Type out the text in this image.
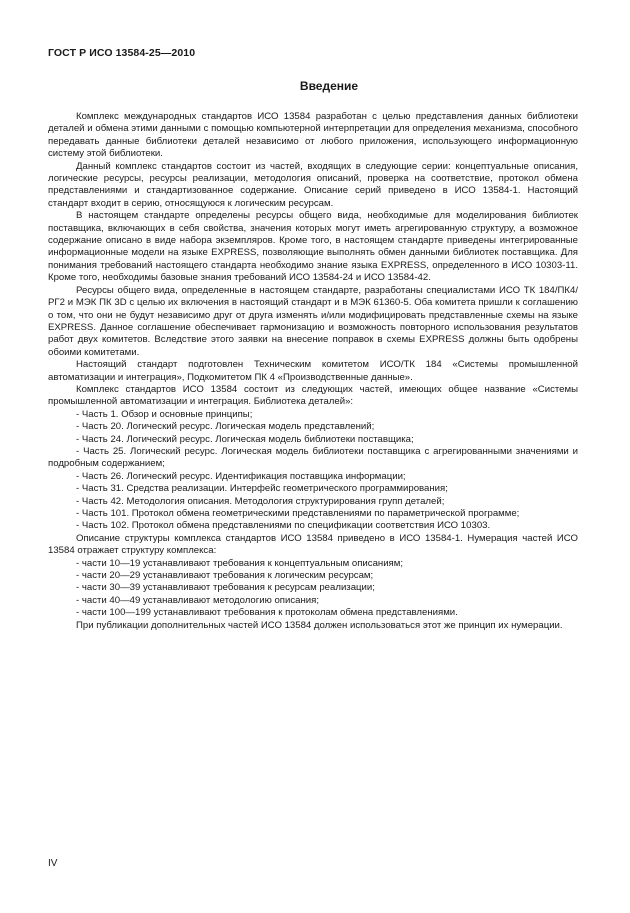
ГОСТ Р ИСО 13584-25—2010
Введение

Комплекс международных стандартов ИСО 13584 разработан с целью представления данных библиотеки деталей и обмена этими данными с помощью компьютерной интерпретации для определения механизма, способного передавать данные библиотеки деталей независимо от любого приложения, использующего информационную систему этой библиотеки.

Данный комплекс стандартов состоит из частей, входящих в следующие серии: концептуальные описания, логические ресурсы, ресурсы реализации, методология описаний, проверка на соответствие, протокол обмена представлениями и стандартизованное содержание. Описание серий приведено в ИСО 13584-1. Настоящий стандарт входит в серию, относящуюся к логическим ресурсам.

В настоящем стандарте определены ресурсы общего вида, необходимые для моделирования библиотек поставщика, включающих в себя свойства, значения которых могут иметь агрегированную структуру, а возможное содержание описано в виде набора экземпляров. Кроме того, в настоящем стандарте приведены интегрированные информационные модели на языке EXPRESS, позволяющие выполнять обмен данными библиотек поставщика. Для понимания требований настоящего стандарта необходимо знание языка EXPRESS, определенного в ИСО 10303-11. Кроме того, необходимы базовые знания требований ИСО 13584-24 и ИСО 13584-42.

Ресурсы общего вида, определенные в настоящем стандарте, разработаны специалистами ИСО ТК 184/ПК4/РГ2 и МЭК ПК 3D с целью их включения в настоящий стандарт и в МЭК 61360-5. Оба комитета пришли к соглашению о том, что они не будут независимо друг от друга изменять и/или модифицировать представленные схемы на языке EXPRESS. Данное соглашение обеспечивает гармонизацию и возможность повторного использования результатов работ двух комитетов. Вследствие этого заявки на внесение поправок в схемы EXPRESS должны быть одобрены обоими комитетами.

Настоящий стандарт подготовлен Техническим комитетом ИСО/ТК 184 «Системы промышленной автоматизации и интеграция», Подкомитетом ПК 4 «Производственные данные».

Комплекс стандартов ИСО 13584 состоит из следующих частей, имеющих общее название «Системы промышленной автоматизации и интеграция. Библиотека деталей»:

- Часть 1. Обзор и основные принципы;

- Часть 20. Логический ресурс. Логическая модель представлений;

- Часть 24. Логический ресурс. Логическая модель библиотеки поставщика;

- Часть 25. Логический ресурс. Логическая модель библиотеки поставщика с агрегированными значениями и подробным содержанием;

- Часть 26. Логический ресурс. Идентификация поставщика информации;

- Часть 31. Средства реализации. Интерфейс геометрического программирования;

- Часть 42. Методология описания. Методология структурирования групп деталей;

- Часть 101. Протокол обмена геометрическими представлениями по параметрической программе;

- Часть 102. Протокол обмена представлениями по спецификации соответствия ИСО 10303.

Описание структуры комплекса стандартов ИСО 13584 приведено в ИСО 13584-1. Нумерация частей ИСО 13584 отражает структуру комплекса:

- части 10—19 устанавливают требования к концептуальным описаниям;

- части 20—29 устанавливают требования к логическим ресурсам;

- части 30—39 устанавливают требования к ресурсам реализации;

- части 40—49 устанавливают методологию описания;

- части 100—199 устанавливают требования к протоколам обмена представлениями.

При публикации дополнительных частей ИСО 13584 должен использоваться этот же принцип их нумерации.

IV
